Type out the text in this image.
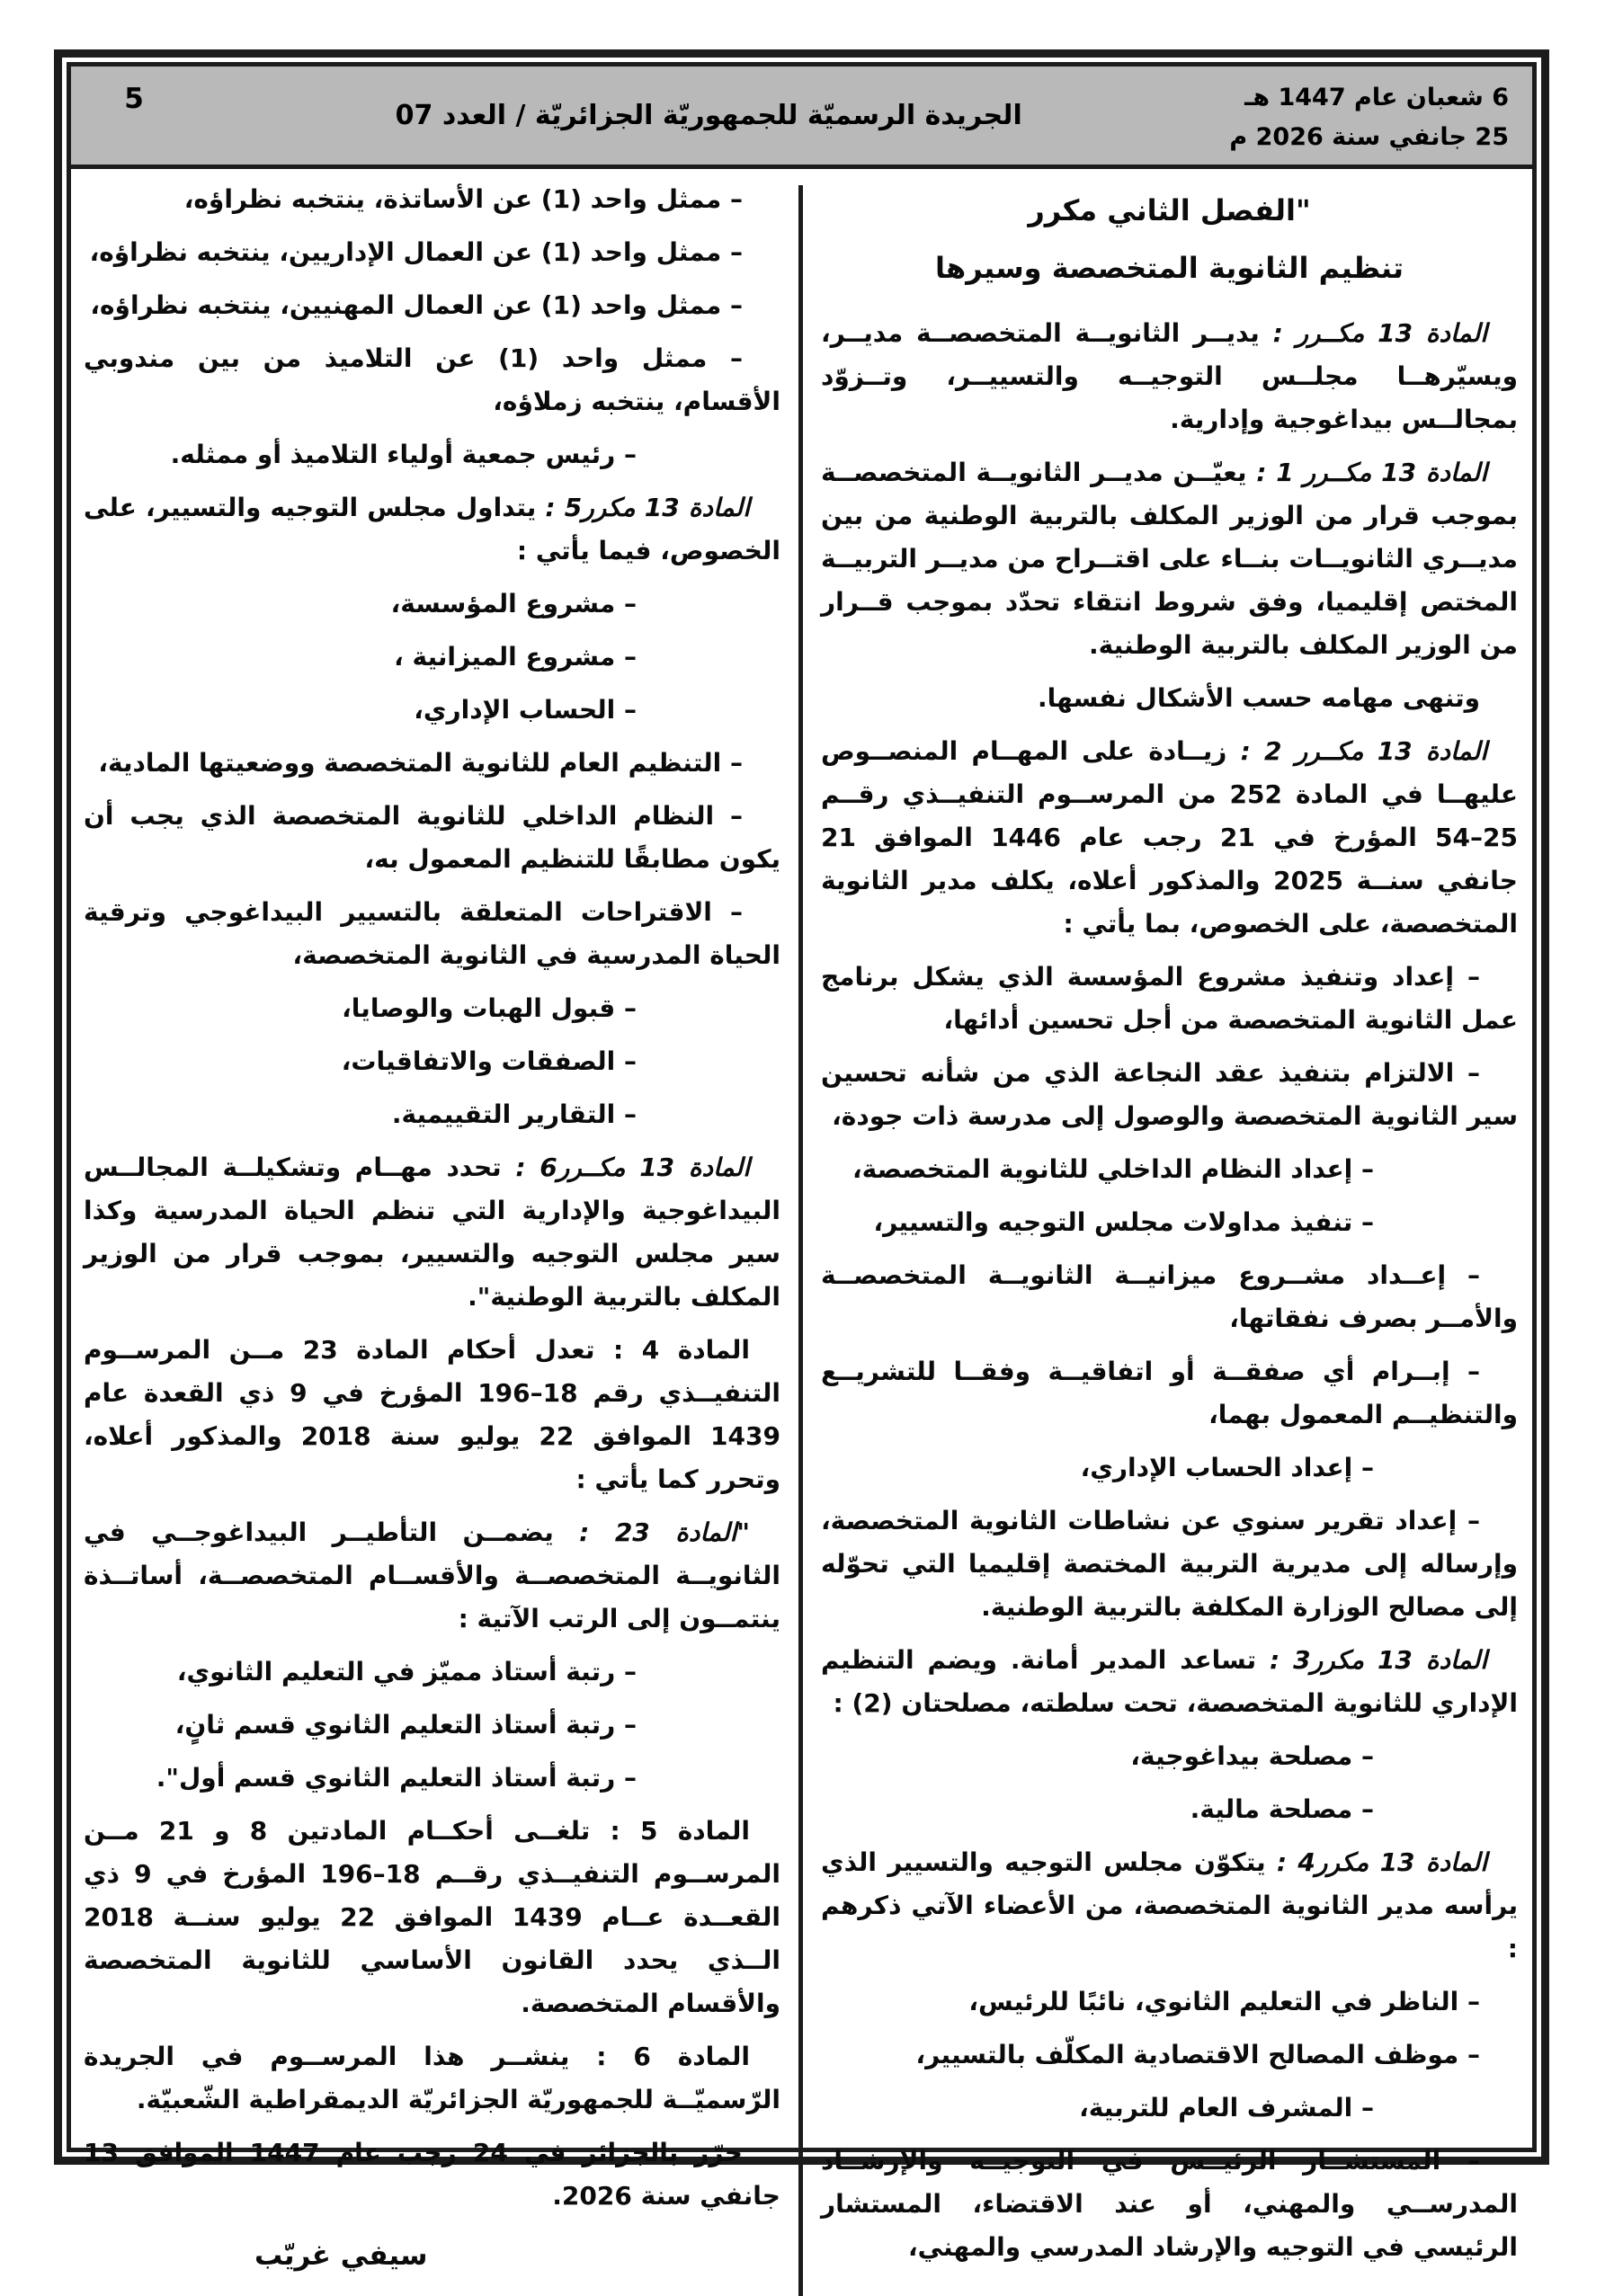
6 شعبان عام 1447 هـ
25 جانفي سنة 2026 م
الجريدة الرسميّة للجمهوريّة الجزائريّة / العدد 07
5
"الفصل الثاني مكرر
تنظيم الثانوية المتخصصة وسيرها

المادة 13 مكــرر : يديــر الثانويــة المتخصصــة مديــر، ويسيّرهــا مجلــس التوجيــه والتسييــر، وتــزوّد بمجالــس بيداغوجية وإدارية.

المادة 13 مكــرر 1 : يعيّــن مديــر الثانويــة المتخصصــة بموجب قرار من الوزير المكلف بالتربية الوطنية من بين مديــري الثانويــات بنــاء على اقتــراح من مديــر التربيــة المختص إقليميا، وفق شروط انتقاء تحدّد بموجب قــرار من الوزير المكلف بالتربية الوطنية.

وتنهى مهامه حسب الأشكال نفسها.

المادة 13 مكــرر 2 : زيــادة على المهــام المنصــوص عليهــا في المادة 252 من المرســوم التنفيــذي رقــم 25–54 المؤرخ في 21 رجب عام 1446 الموافق 21 جانفي سنــة 2025 والمذكور أعلاه، يكلف مدير الثانوية المتخصصة، على الخصوص، بما يأتي :

– إعداد وتنفيذ مشروع المؤسسة الذي يشكل برنامج عمل الثانوية المتخصصة من أجل تحسين أدائها،

– الالتزام بتنفيذ عقد النجاعة الذي من شأنه تحسين سير الثانوية المتخصصة والوصول إلى مدرسة ذات جودة،

– إعداد النظام الداخلي للثانوية المتخصصة،

– تنفيذ مداولات مجلس التوجيه والتسيير،

– إعــداد مشــروع ميزانيــة الثانويــة المتخصصــة والأمــر بصرف نفقاتها،

– إبــرام أي صفقــة أو اتفاقيــة وفقــا للتشريــع والتنظيــم المعمول بهما،

– إعداد الحساب الإداري،

– إعداد تقرير سنوي عن نشاطات الثانوية المتخصصة، وإرساله إلى مديرية التربية المختصة إقليميا التي تحوّله إلى مصالح الوزارة المكلفة بالتربية الوطنية.

المادة 13 مكرر3 : تساعد المدير أمانة. ويضم التنظيم الإداري للثانوية المتخصصة، تحت سلطته، مصلحتان (2) :

– مصلحة بيداغوجية،

– مصلحة مالية.

المادة 13 مكرر4 : يتكوّن مجلس التوجيه والتسيير الذي يرأسه مدير الثانوية المتخصصة، من الأعضاء الآتي ذكرهم :

– الناظر في التعليم الثانوي، نائبًا للرئيس،

– موظف المصالح الاقتصادية المكلّف بالتسيير،

– المشرف العام للتربية،

– المستشــار الرئيــس في التوجيــه والإرشــاد المدرســي والمهني، أو عند الاقتضاء، المستشار الرئيسي في التوجيه والإرشاد المدرسي والمهني،

– ممثل واحد (1) عن الأساتذة، ينتخبه نظراؤه،

– ممثل واحد (1) عن العمال الإداريين، ينتخبه نظراؤه،

– ممثل واحد (1) عن العمال المهنيين، ينتخبه نظراؤه،

– ممثل واحد (1) عن التلاميذ من بين مندوبي الأقسام، ينتخبه زملاؤه،

– رئيس جمعية أولياء التلاميذ أو ممثله.

المادة 13 مكرر5 : يتداول مجلس التوجيه والتسيير، على الخصوص، فيما يأتي :

– مشروع المؤسسة،

– مشروع الميزانية ،

– الحساب الإداري،

– التنظيم العام للثانوية المتخصصة ووضعيتها المادية،

– النظام الداخلي للثانوية المتخصصة الذي يجب أن يكون مطابقًا للتنظيم المعمول به،

– الاقتراحات المتعلقة بالتسيير البيداغوجي وترقية الحياة المدرسية في الثانوية المتخصصة،

– قبول الهبات والوصايا،

– الصفقات والاتفاقيات،

– التقارير التقييمية.

المادة 13 مكــرر6 : تحدد مهــام وتشكيلــة المجالــس البيداغوجية والإدارية التي تنظم الحياة المدرسية وكذا سير مجلس التوجيه والتسيير، بموجب قرار من الوزير المكلف بالتربية الوطنية".

المادة 4 : تعدل أحكام المادة 23 مــن المرســوم التنفيــذي رقم 18–196 المؤرخ في 9 ذي القعدة عام 1439 الموافق 22 يوليو سنة 2018 والمذكور أعلاه، وتحرر كما يأتي :

"المادة 23 : يضمــن التأطيــر البيداغوجــي في الثانويــة المتخصصــة والأقســام المتخصصــة، أساتــذة ينتمــون إلى الرتب الآتية :

– رتبة أستاذ مميّز في التعليم الثانوي،

– رتبة أستاذ التعليم الثانوي قسم ثانٍ،

– رتبة أستاذ التعليم الثانوي قسم أول".

المادة 5 : تلغــى أحكــام المادتين 8 و 21 مــن المرســوم التنفيــذي رقــم 18–196 المؤرخ في 9 ذي القعــدة عــام 1439 الموافق 22 يوليو سنــة 2018 الــذي يحدد القانون الأساسي للثانوية المتخصصة والأقسام المتخصصة.

المادة 6 : ينشــر هذا المرســوم في الجريدة الرّسميّــة للجمهوريّة الجزائريّة الديمقراطية الشّعبيّة.

حرّر بالجزائر في 24 رجب عام 1447 الموافق 13 جانفي سنة 2026.

سيفي غريّب
